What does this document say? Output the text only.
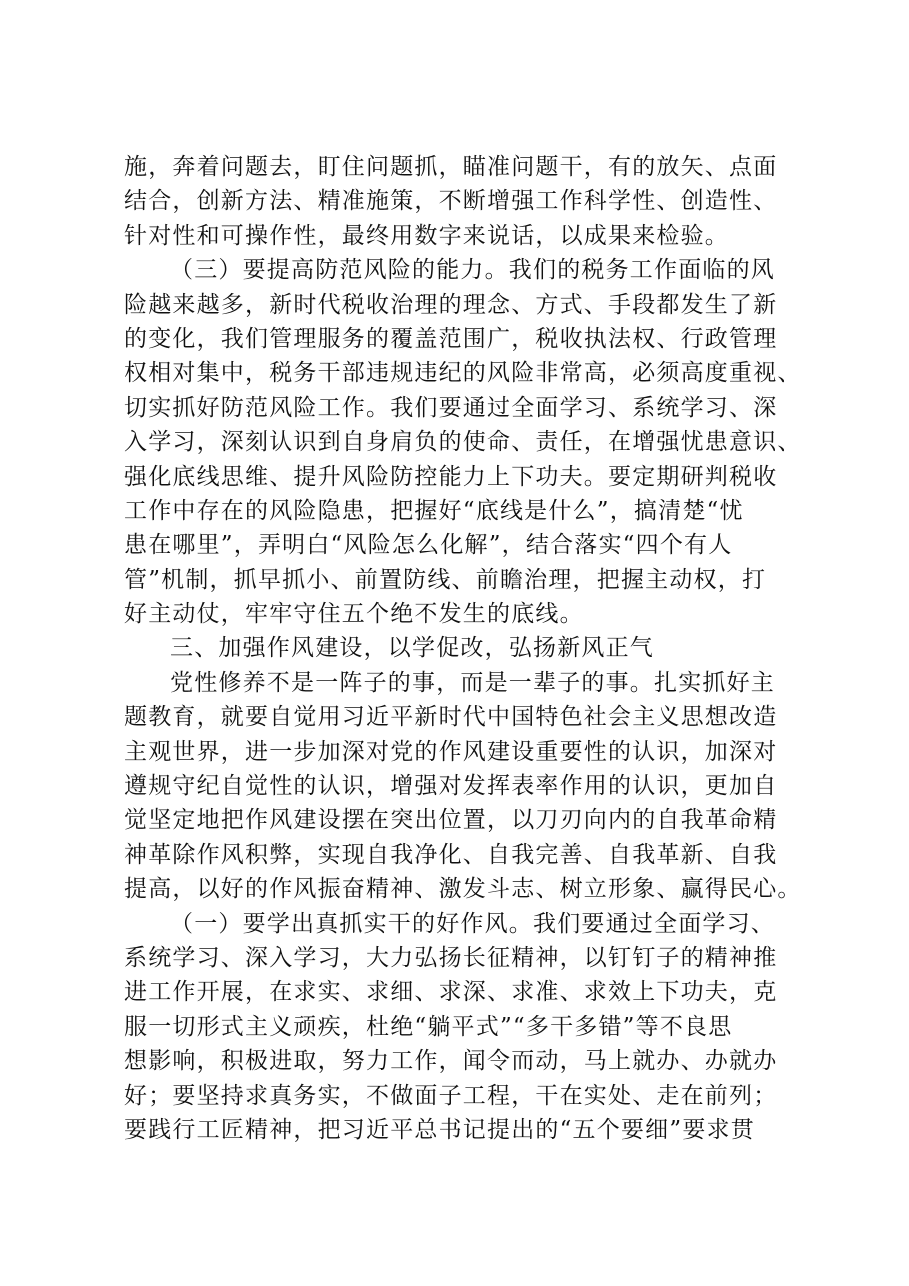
施，奔着问题去，盯住问题抓，瞄准问题干，有的放矢、点面
结合，创新方法、精准施策，不断增强工作科学性、创造性、
针对性和可操作性，最终用数字来说话，以成果来检验。
（三）要提高防范风险的能力。我们的税务工作面临的风
险越来越多，新时代税收治理的理念、方式、手段都发生了新
的变化，我们管理服务的覆盖范围广，税收执法权、行政管理
权相对集中，税务干部违规违纪的风险非常高，必须高度重视、
切实抓好防范风险工作。我们要通过全面学习、系统学习、深
入学习，深刻认识到自身肩负的使命、责任，在增强忧患意识、
强化底线思维、提升风险防控能力上下功夫。要定期研判税收
工作中存在的风险隐患，把握好“底线是什么”，搞清楚“忧
患在哪里”，弄明白“风险怎么化解”，结合落实“四个有人
管”机制，抓早抓小、前置防线、前瞻治理，把握主动权，打
好主动仗，牢牢守住五个绝不发生的底线。
三、加强作风建设，以学促改，弘扬新风正气
党性修养不是一阵子的事，而是一辈子的事。扎实抓好主
题教育，就要自觉用习近平新时代中国特色社会主义思想改造
主观世界，进一步加深对党的作风建设重要性的认识，加深对
遵规守纪自觉性的认识，增强对发挥表率作用的认识，更加自
觉坚定地把作风建设摆在突出位置，以刀刃向内的自我革命精
神革除作风积弊，实现自我净化、自我完善、自我革新、自我
提高，以好的作风振奋精神、激发斗志、树立形象、赢得民心。
（一）要学出真抓实干的好作风。我们要通过全面学习、
系统学习、深入学习，大力弘扬长征精神，以钉钉子的精神推
进工作开展，在求实、求细、求深、求准、求效上下功夫，克
服一切形式主义顽疾，杜绝“躺平式”“多干多错”等不良思
想影响，积极进取，努力工作，闻令而动，马上就办、办就办
好；要坚持求真务实，不做面子工程，干在实处、走在前列；
要践行工匠精神，把习近平总书记提出的“五个要细”要求贯
